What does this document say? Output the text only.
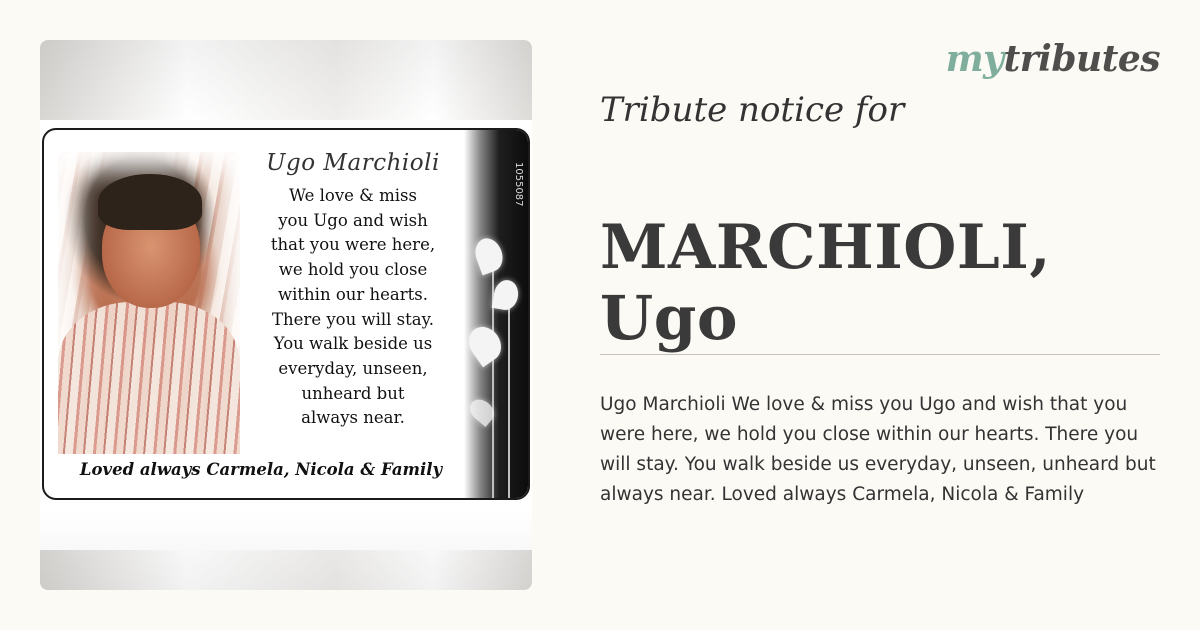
Ugo Marchioli
We love & miss
you Ugo and wish
that you were here,
we hold you close
within our hearts.
There you will stay.
You walk beside us
everyday, unseen,
unheard but
always near.
Loved always Carmela, Nicola & Family
1055087
mytributes
Tribute notice for
MARCHIOLI, Ugo
Ugo Marchioli We love & miss you Ugo and wish that you were here, we hold you close within our hearts. There you will stay. You walk beside us everyday, unseen, unheard but always near. Loved always Carmela, Nicola & Family
